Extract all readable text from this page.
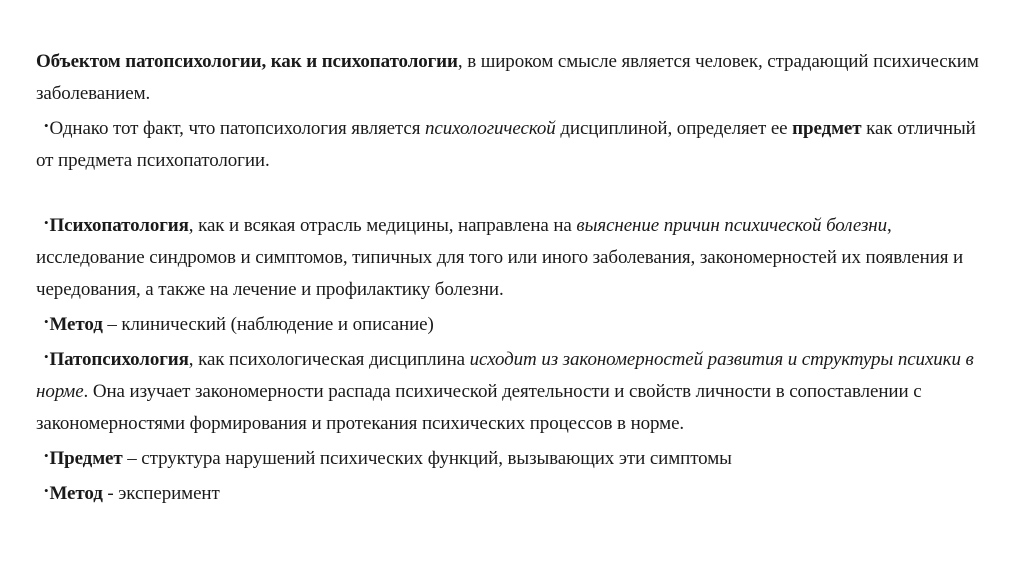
Объектом патопсихологии, как и психопатологии, в широком смысле является человек, страдающий психическим заболеванием.

•Однако тот факт, что патопсихология является психологической дисциплиной, определяет ее предмет как отличный от предмета психопатологии.

•Психопатология, как и всякая отрасль медицины, направлена на выяснение причин психической болезни, исследование синдромов и симптомов, типичных для того или иного заболевания, закономерностей их появления и чередования, а также на лечение и профилактику болезни.

•Метод – клинический (наблюдение и описание)

•Патопсихология, как психологическая дисциплина исходит из закономерностей развития и структуры психики в норме. Она изучает закономерности распада психической деятельности и свойств личности в сопоставлении с закономерностями формирования и протекания психических процессов в норме.

•Предмет – структура нарушений психических функций, вызывающих эти симптомы

•Метод - эксперимент
